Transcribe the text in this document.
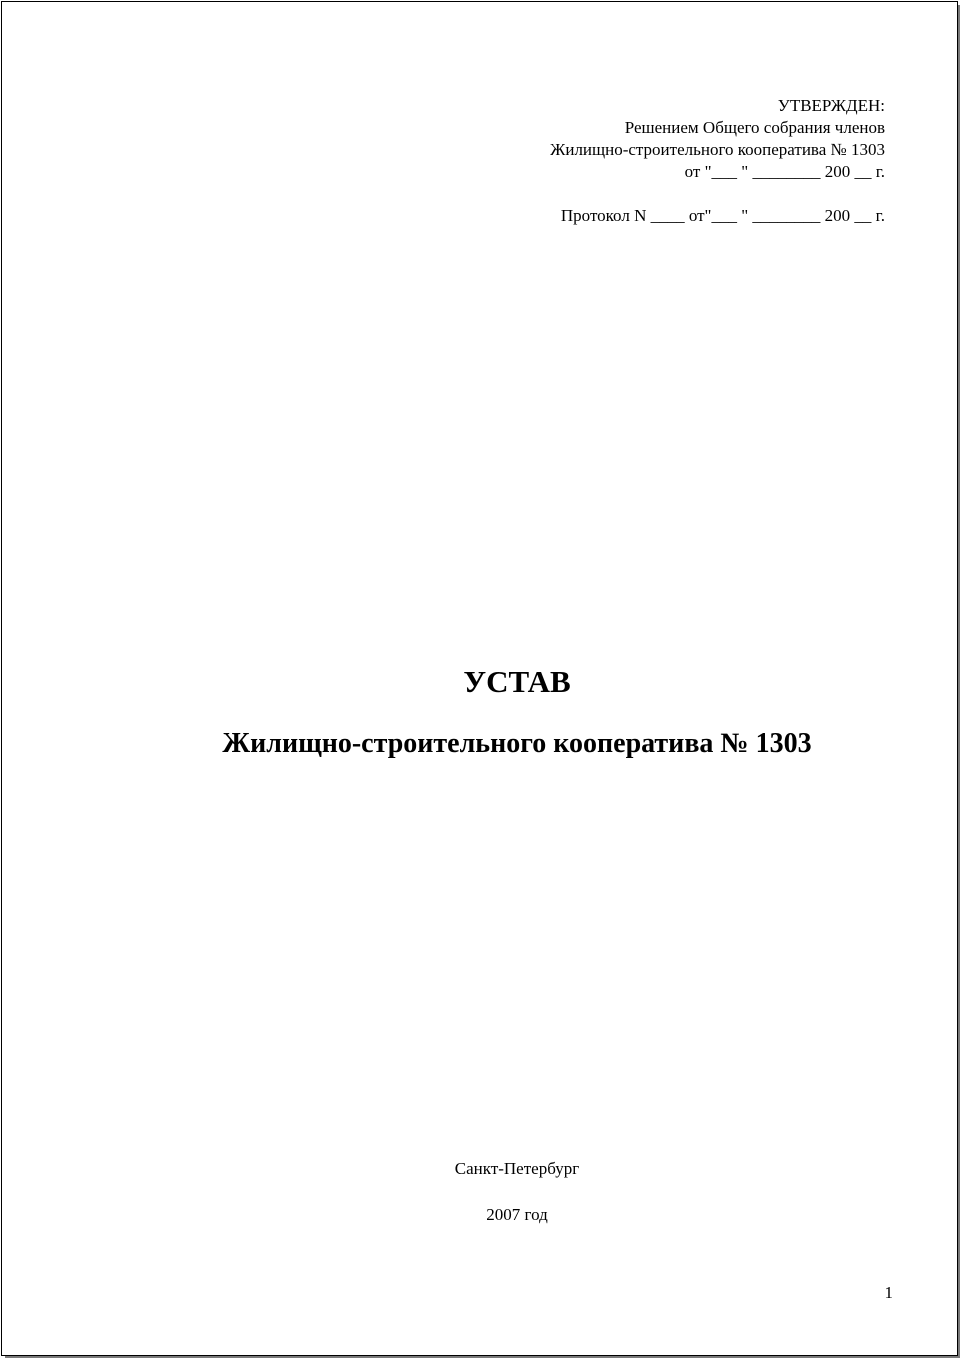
УТВЕРЖДЕН:
Решением Общего собрания членов
Жилищно-строительного кооператива № 1303
от "___ " ________ 200 __ г.
Протокол N ____ от"___ " ________ 200 __ г.
УСТАВ
Жилищно-строительного кооператива № 1303
Санкт-Петербург
2007 год
1
